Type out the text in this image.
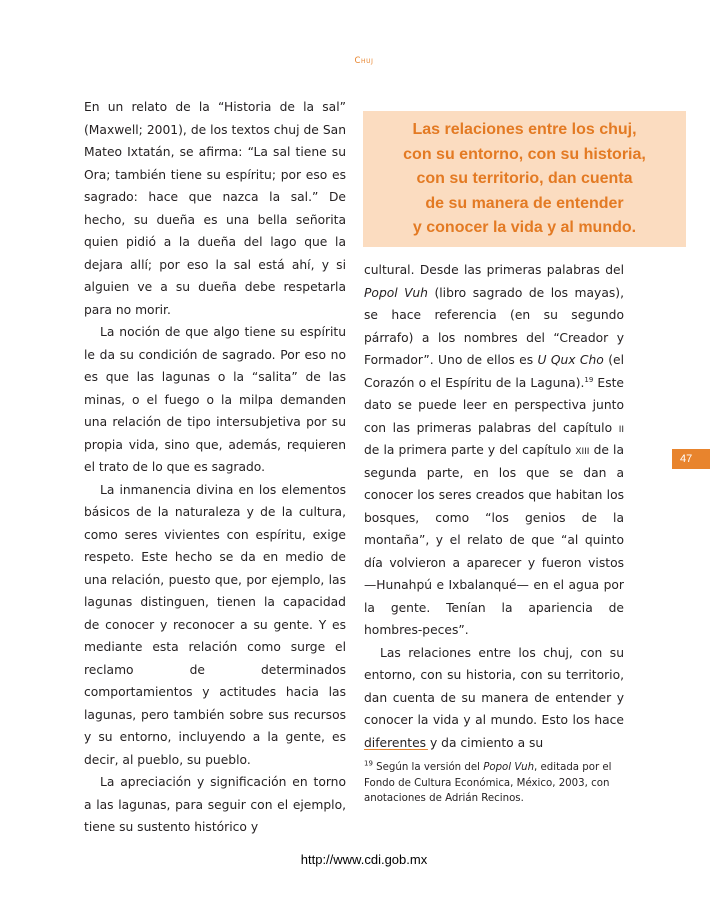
Chuj

En un relato de la “Historia de la sal” (Maxwell; 2001), de los textos chuj de San Mateo Ixtatán, se afirma: “La sal tiene su Ora; también tiene su espíritu; por eso es sagrado: hace que nazca la sal.” De hecho, su dueña es una bella señorita quien pidió a la dueña del lago que la dejara allí; por eso la sal está ahí, y si alguien ve a su dueña debe respetarla para no morir.

La noción de que algo tiene su espíritu le da su condición de sagrado. Por eso no es que las lagunas o la “salita” de las minas, o el fuego o la milpa demanden una relación de tipo intersubjetiva por su propia vida, sino que, además, requieren el trato de lo que es sagrado.

La inmanencia divina en los elementos básicos de la naturaleza y de la cultura, como seres vivientes con espíritu, exige respeto. Este hecho se da en medio de una relación, puesto que, por ejemplo, las lagunas distinguen, tienen la capacidad de conocer y reconocer a su gente. Y es mediante esta relación como surge el reclamo de determinados comportamientos y actitudes hacia las lagunas, pero también sobre sus recursos y su entorno, incluyendo a la gente, es decir, al pueblo, su pueblo.

La apreciación y significación en torno a las lagunas, para seguir con el ejemplo, tiene su sustento histórico y

Las relaciones entre los chuj,
con su entorno, con su historia,
con su territorio, dan cuenta
de su manera de entender
y conocer la vida y al mundo.

cultural. Desde las primeras palabras del Popol Vuh (libro sagrado de los mayas), se hace referencia (en su segundo párrafo) a los nombres del “Creador y Formador”. Uno de ellos es U Qux Cho (el Corazón o el Espíritu de la Laguna).$^{19}$ Este dato se puede leer en perspectiva junto con las primeras palabras del capítulo ii de la primera parte y del capítulo xiii de la segunda parte, en los que se dan a conocer los seres creados que habitan los bosques, como “los genios de la montaña”, y el relato de que “al quinto día volvieron a aparecer y fueron vistos —Hunahpú e Ixbalanqué— en el agua por la gente. Tenían la apariencia de hombres-peces”.

Las relaciones entre los chuj, con su entorno, con su historia, con su territorio, dan cuenta de su manera de entender y conocer la vida y al mundo. Esto los hace diferentes y da cimiento a su

47
$^{19}$ Según la versión del Popol Vuh, editada por el Fondo de Cultura Económica, México, 2003, con anotaciones de Adrián Recinos.
http://www.cdi.gob.mx
